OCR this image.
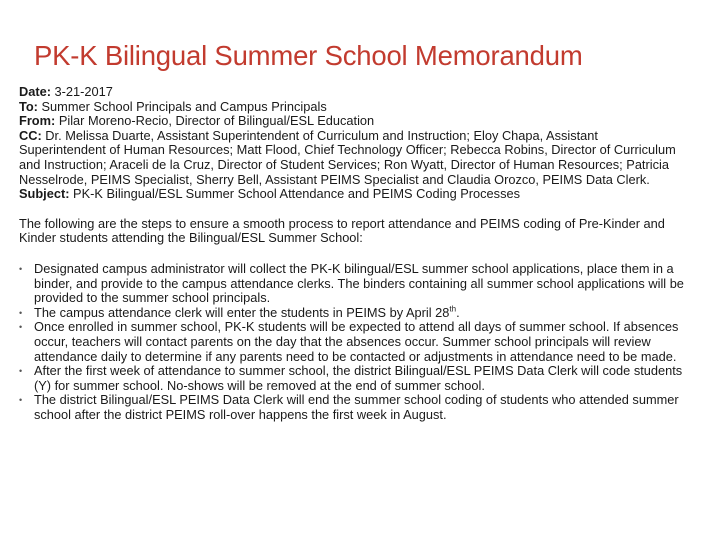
PK-K Bilingual Summer School Memorandum

Date: 3-21-2017

To: Summer School Principals and Campus Principals

From: Pilar Moreno-Recio, Director of Bilingual/ESL Education

CC: Dr. Melissa Duarte, Assistant Superintendent of Curriculum and Instruction; Eloy Chapa, Assistant Superintendent of Human Resources; Matt Flood, Chief Technology Officer; Rebecca Robins, Director of Curriculum and Instruction; Araceli de la Cruz, Director of Student Services; Ron Wyatt, Director of Human Resources; Patricia Nesselrode, PEIMS Specialist, Sherry Bell, Assistant PEIMS Specialist and Claudia Orozco, PEIMS Data Clerk.

Subject: PK-K Bilingual/ESL Summer School Attendance and PEIMS Coding Processes

The following are the steps to ensure a smooth process to report attendance and PEIMS coding of Pre-Kinder and Kinder students attending the Bilingual/ESL Summer School:

• Designated campus administrator will collect the PK-K bilingual/ESL summer school applications, place them in a binder, and provide to the campus attendance clerks. The binders containing all summer school applications will be provided to the summer school principals.
• The campus attendance clerk will enter the students in PEIMS by April 28th.
• Once enrolled in summer school, PK-K students will be expected to attend all days of summer school. If absences occur, teachers will contact parents on the day that the absences occur. Summer school principals will review attendance daily to determine if any parents need to be contacted or adjustments in attendance need to be made.
• After the first week of attendance to summer school, the district Bilingual/ESL PEIMS Data Clerk will code students (Y) for summer school. No-shows will be removed at the end of summer school.
• The district Bilingual/ESL PEIMS Data Clerk will end the summer school coding of students who attended summer school after the district PEIMS roll-over happens the first week in August.
